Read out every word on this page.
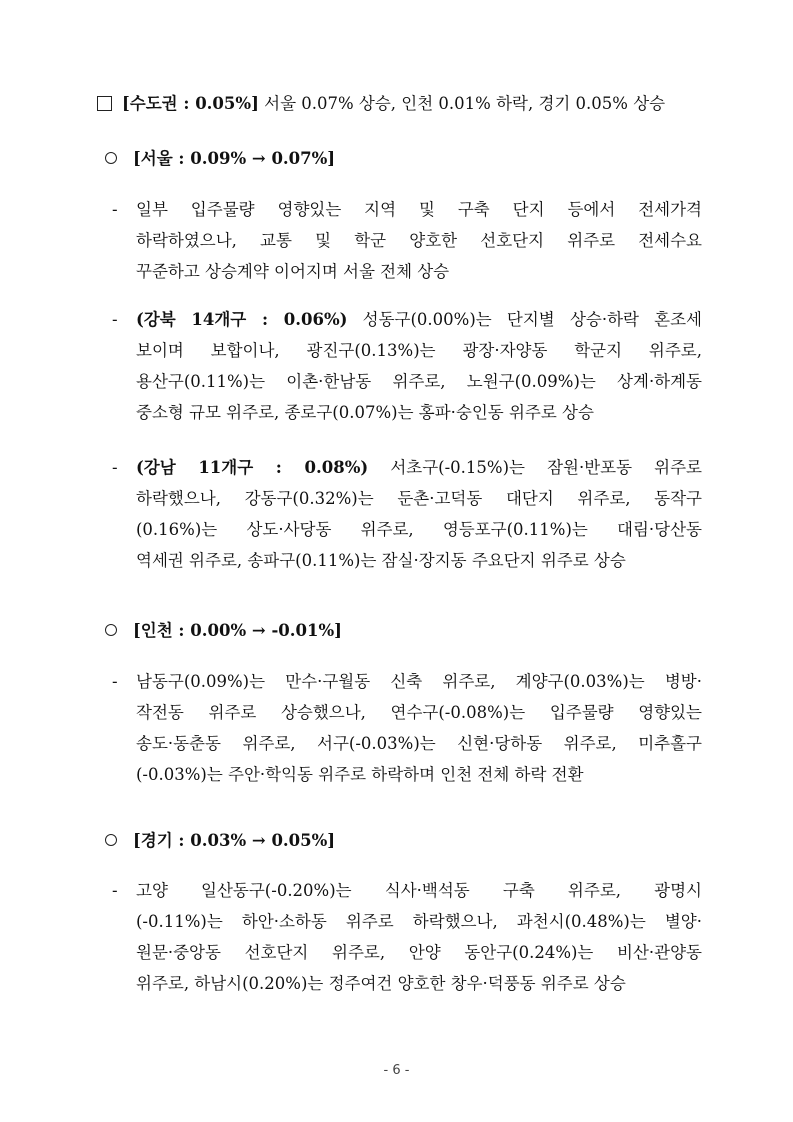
[수도권 : 0.05%] 서울 0.07% 상승, 인천 0.01% 하락, 경기 0.05% 상승
[서울 : 0.09% → 0.07%]
- 일부 입주물량 영향있는 지역 및 구축 단지 등에서 전세가격
하락하였으나, 교통 및 학군 양호한 선호단지 위주로 전세수요
꾸준하고 상승계약 이어지며 서울 전체 상승
- (강북 14개구 : 0.06%) 성동구(0.00%)는 단지별 상승·하락 혼조세
보이며 보합이나, 광진구(0.13%)는 광장·자양동 학군지 위주로,
용산구(0.11%)는 이촌·한남동 위주로, 노원구(0.09%)는 상계·하계동
중소형 규모 위주로, 종로구(0.07%)는 홍파·숭인동 위주로 상승
- (강남 11개구 : 0.08%) 서초구(-0.15%)는 잠원·반포동 위주로
하락했으나, 강동구(0.32%)는 둔촌·고덕동 대단지 위주로, 동작구
(0.16%)는 상도·사당동 위주로, 영등포구(0.11%)는 대림·당산동
역세권 위주로, 송파구(0.11%)는 잠실·장지동 주요단지 위주로 상승
[인천 : 0.00% → -0.01%]
- 남동구(0.09%)는 만수·구월동 신축 위주로, 계양구(0.03%)는 병방·
작전동 위주로 상승했으나, 연수구(-0.08%)는 입주물량 영향있는
송도·동춘동 위주로, 서구(-0.03%)는 신현·당하동 위주로, 미추홀구
(-0.03%)는 주안·학익동 위주로 하락하며 인천 전체 하락 전환
[경기 : 0.03% → 0.05%]
- 고양 일산동구(-0.20%)는 식사·백석동 구축 위주로, 광명시
(-0.11%)는 하안·소하동 위주로 하락했으나, 과천시(0.48%)는 별양·
원문·중앙동 선호단지 위주로, 안양 동안구(0.24%)는 비산·관양동
위주로, 하남시(0.20%)는 정주여건 양호한 창우·덕풍동 위주로 상승
- 6 -
